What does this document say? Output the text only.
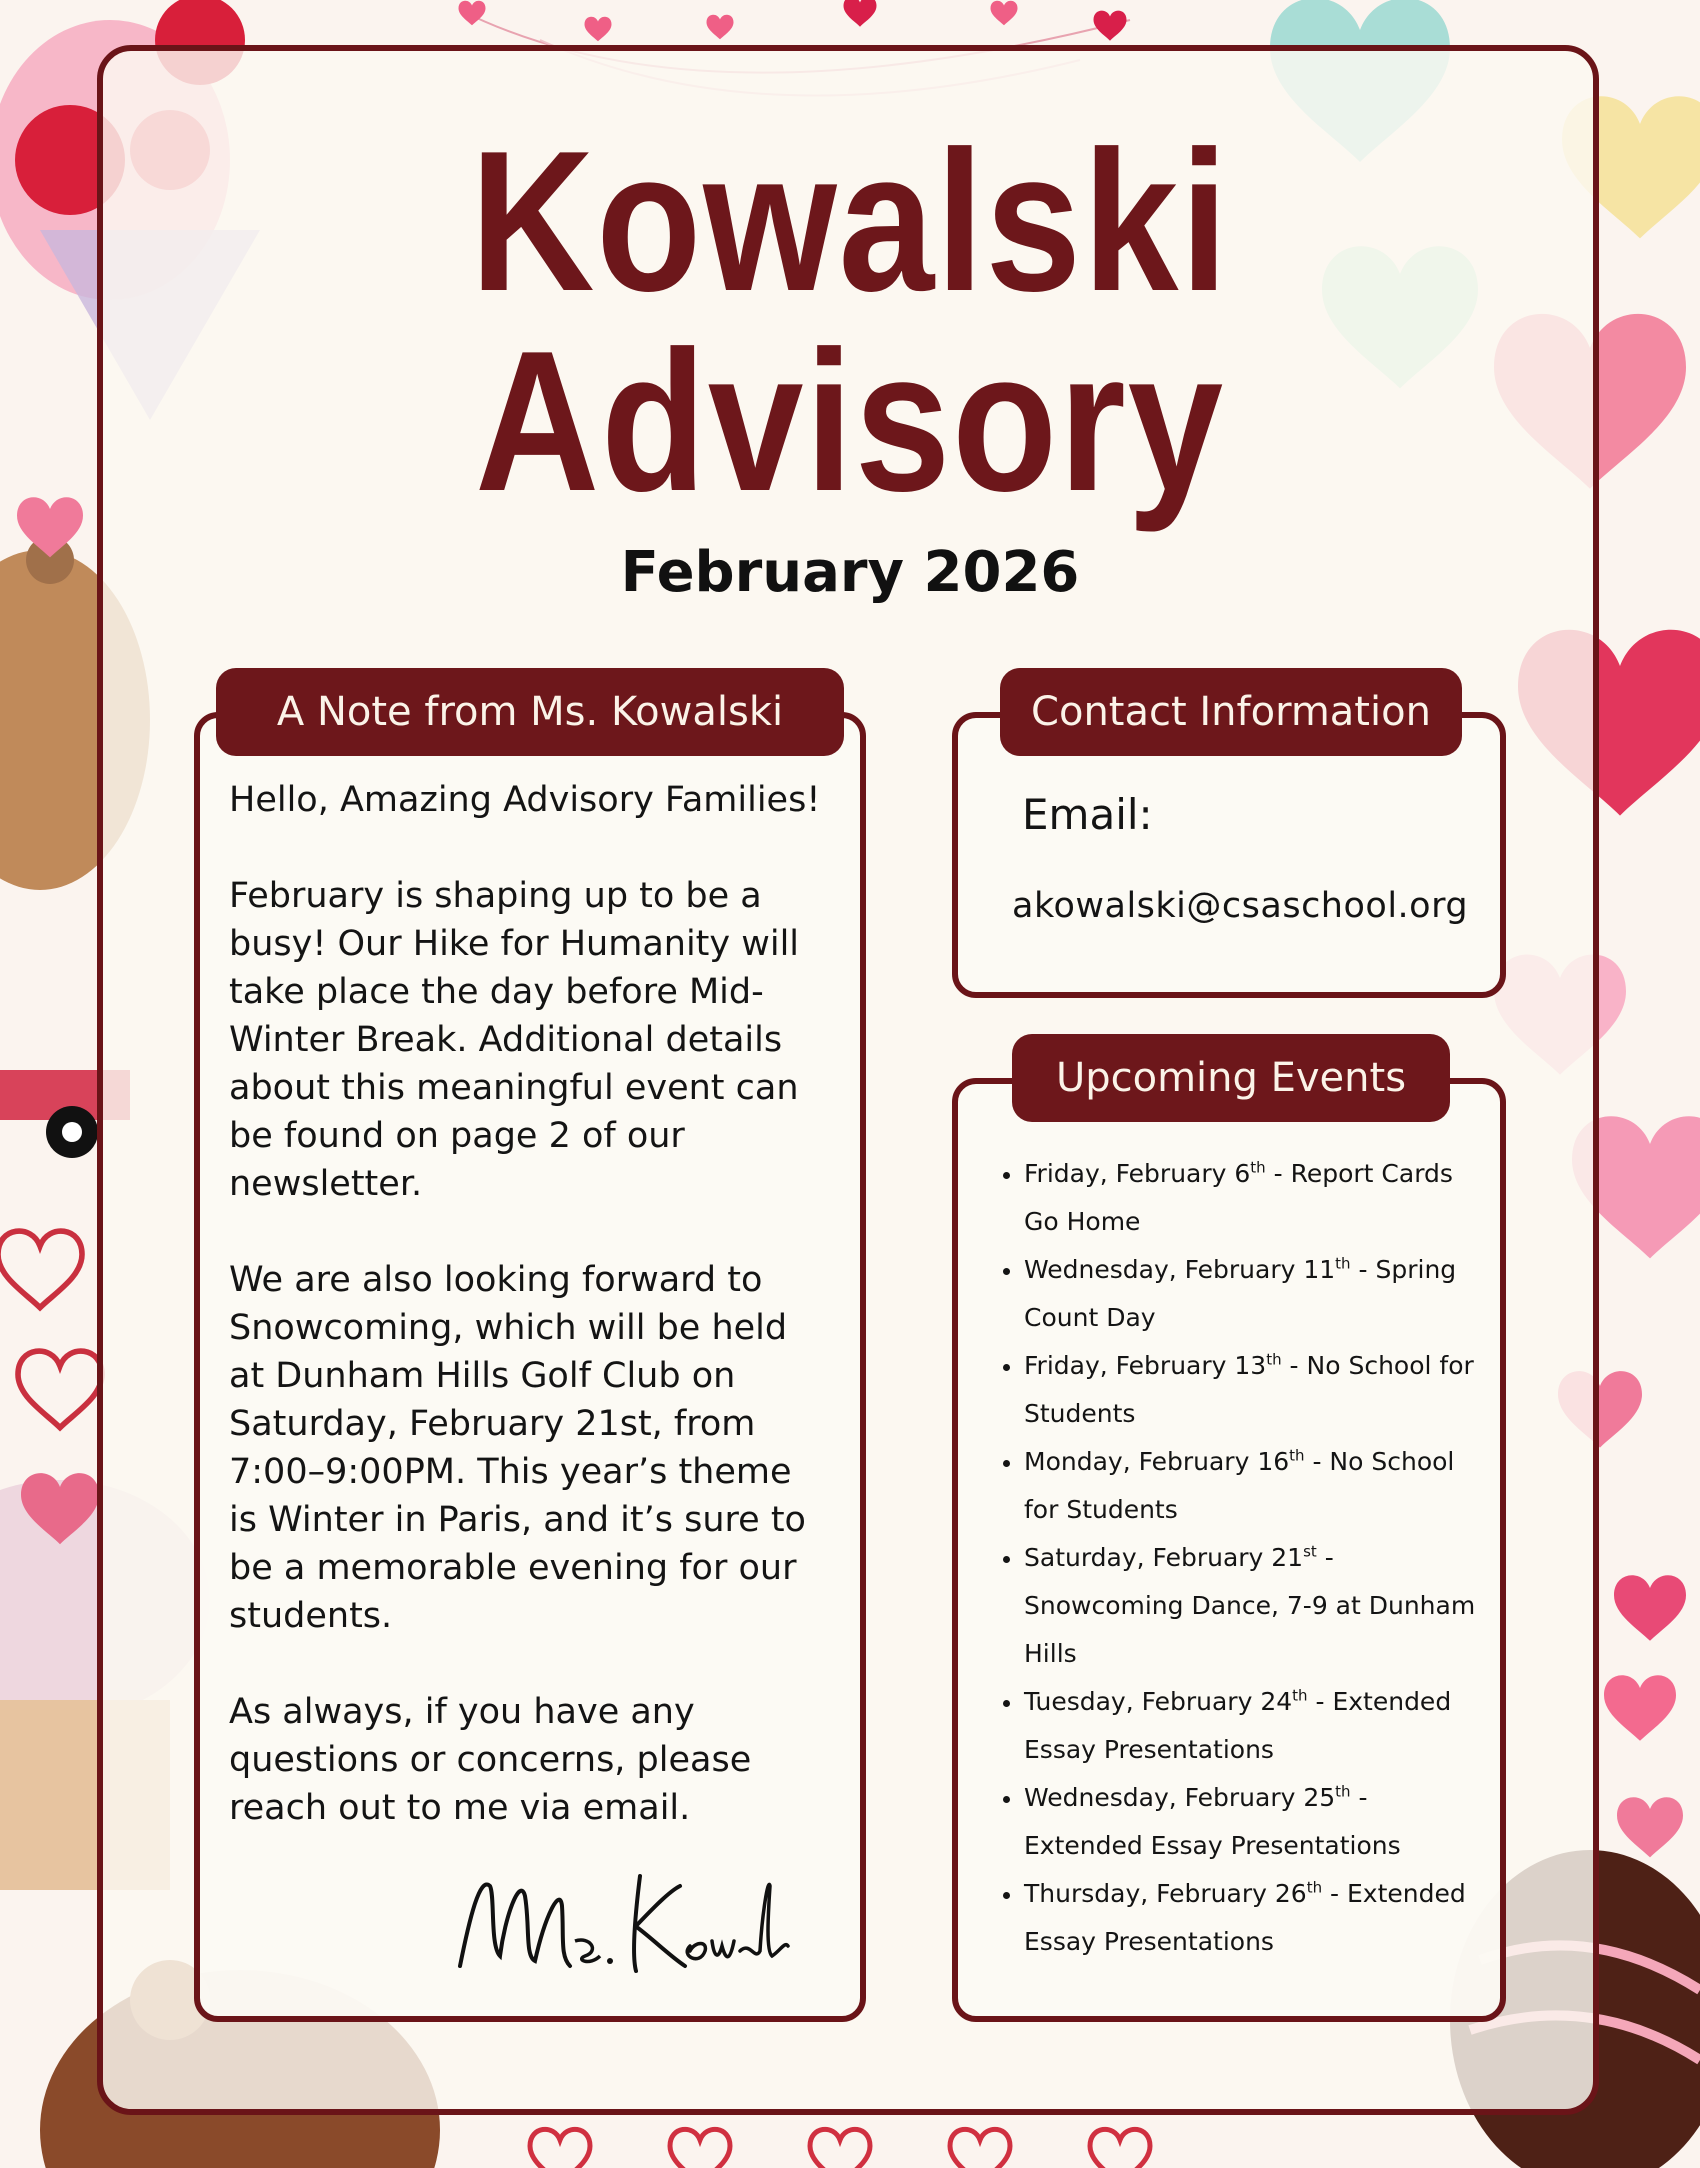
Kowalski
Advisory
February 2026
A Note from Ms. Kowalski

Hello, Amazing Advisory Families!

February is shaping up to be a busy! Our Hike for Humanity will take place the day before Mid-Winter Break. Additional details about this meaningful event can be found on page 2 of our newsletter.

We are also looking forward to Snowcoming, which will be held at Dunham Hills Golf Club on Saturday, February 21st, from 7:00–9:00PM. This year’s theme is Winter in Paris, and it’s sure to be a memorable evening for our students.

As always, if you have any questions or concerns, please reach out to me via email.

Contact Information
Email:
akowalski@csaschool.org
Upcoming Events
• Friday, February 6th - Report Cards Go Home
• Wednesday, February 11th - Spring Count Day
• Friday, February 13th - No School for Students
• Monday, February 16th - No School for Students
• Saturday, February 21st - Snowcoming Dance, 7-9 at Dunham Hills
• Tuesday, February 24th - Extended Essay Presentations
• Wednesday, February 25th - Extended Essay Presentations
• Thursday, February 26th - Extended Essay Presentations
